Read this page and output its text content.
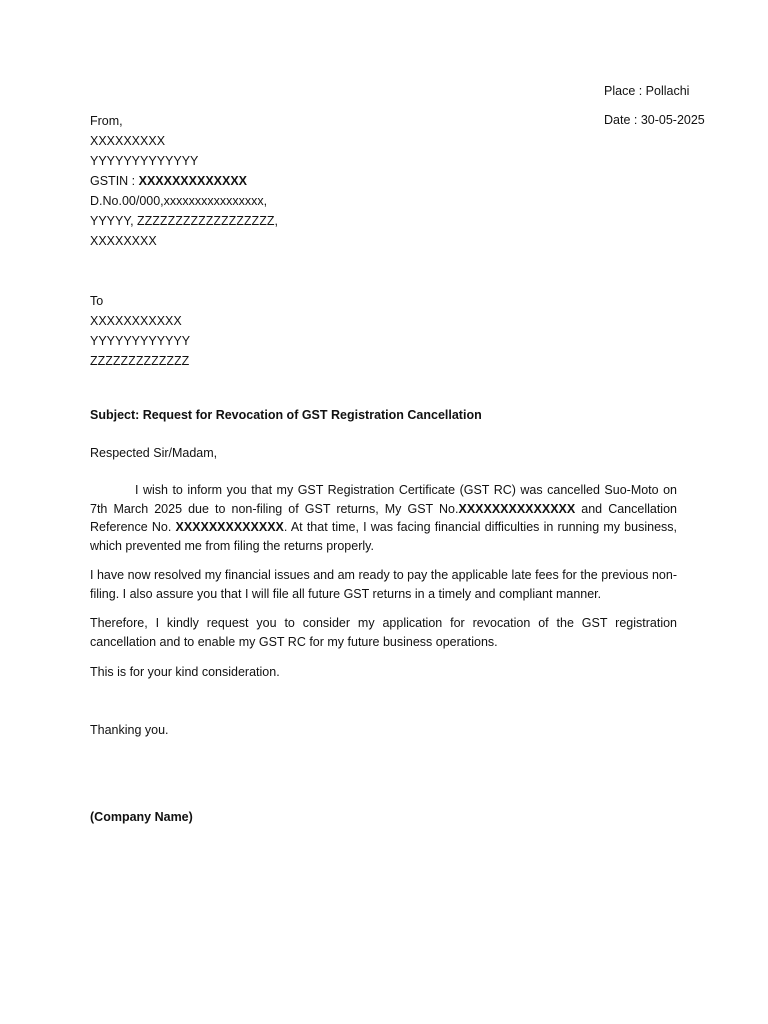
Place : Pollachi
Date : 30-05-2025
From,
XXXXXXXXX
YYYYYYYYYYYYY
GSTIN : XXXXXXXXXXXXX
D.No.00/000,xxxxxxxxxxxxxxxx,
YYYYY, ZZZZZZZZZZZZZZZZZZ,
XXXXXXXX
To
XXXXXXXXXXX
YYYYYYYYYYYY
ZZZZZZZZZZZZZ
Subject: Request for Revocation of GST Registration Cancellation
Respected Sir/Madam,
I wish to inform you that my GST Registration Certificate (GST RC) was cancelled Suo-Moto on 7th March 2025 due to non-filing of GST returns, My GST No.XXXXXXXXXXXXXX and Cancellation Reference No. XXXXXXXXXXXXX. At that time, I was facing financial difficulties in running my business, which prevented me from filing the returns properly.
I have now resolved my financial issues and am ready to pay the applicable late fees for the previous non-filing. I also assure you that I will file all future GST returns in a timely and compliant manner.
Therefore, I kindly request you to consider my application for revocation of the GST registration cancellation and to enable my GST RC for my future business operations.
This is for your kind consideration.
Thanking you.
(Company Name)
